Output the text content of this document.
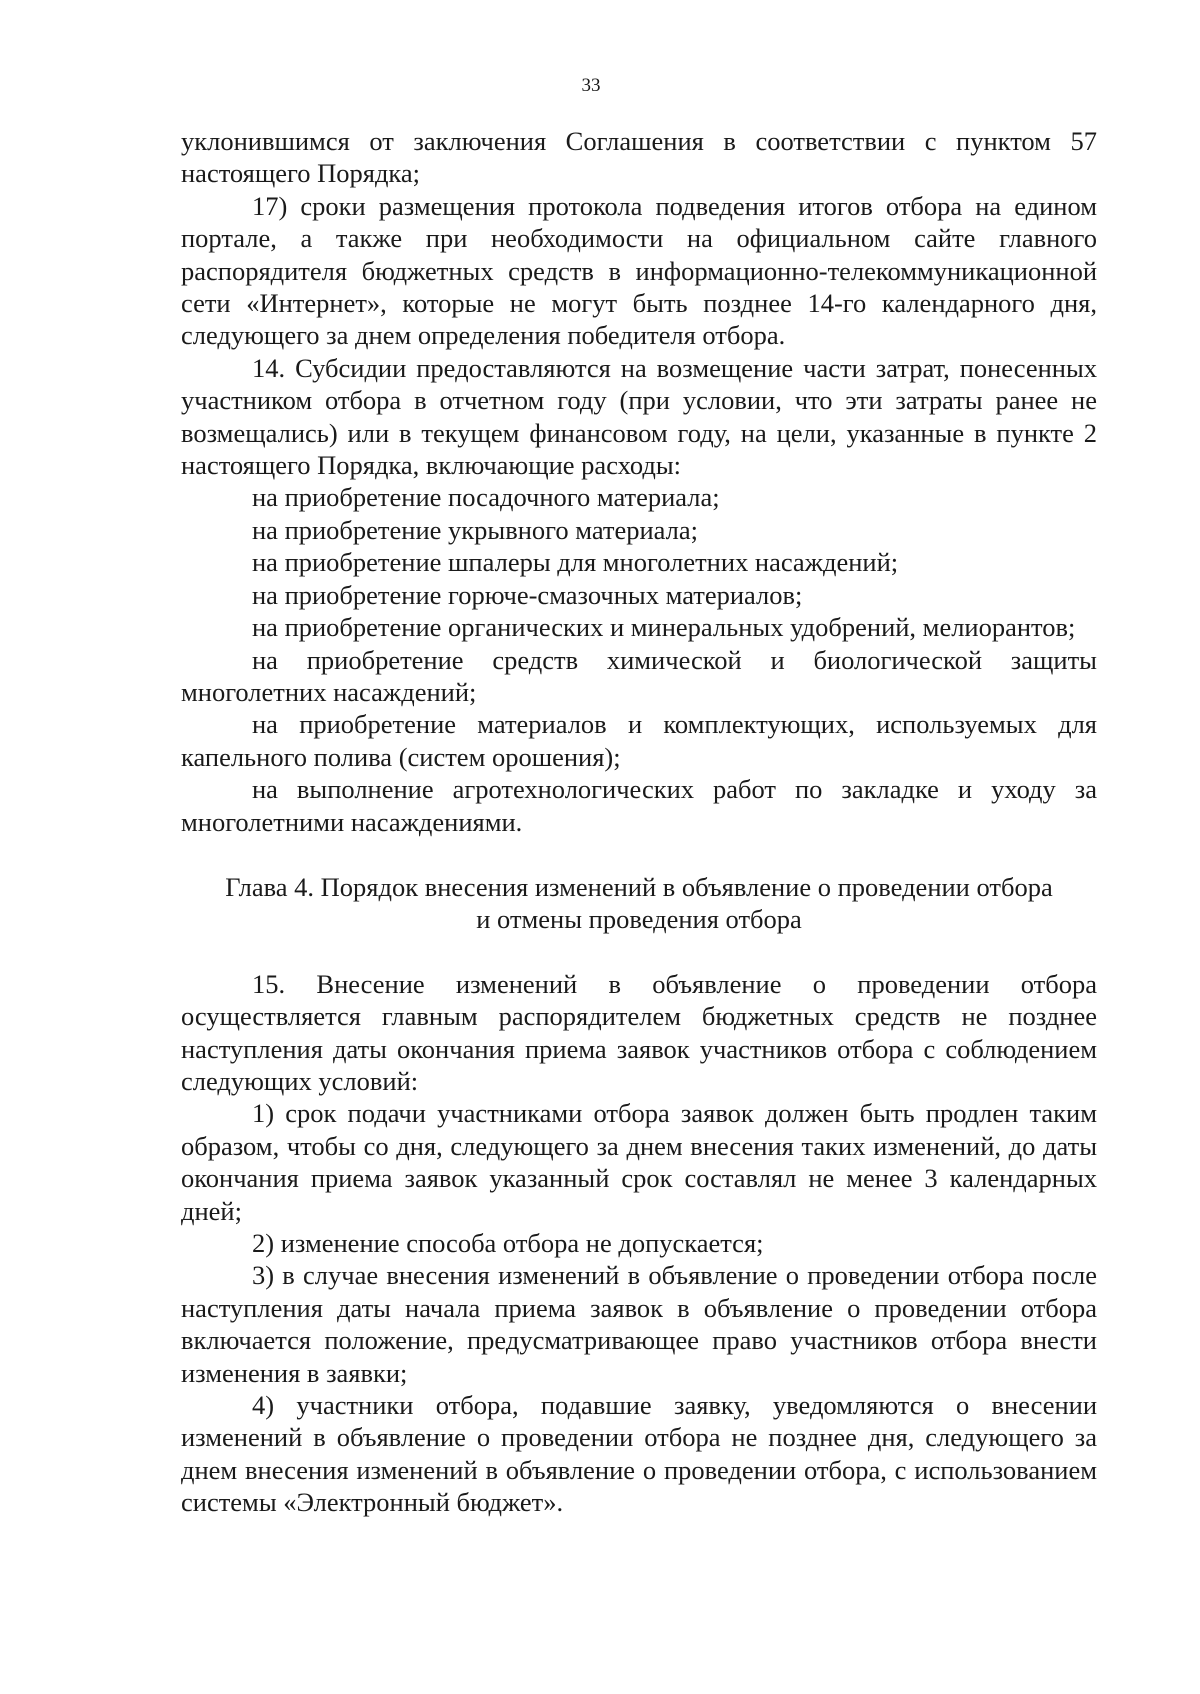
33

уклонившимся от заключения Соглашения в соответствии с пунктом 57 настоящего Порядка;

17) сроки размещения протокола подведения итогов отбора на едином портале, а также при необходимости на официальном сайте главного распорядителя бюджетных средств в информационно-телекоммуникационной сети «Интернет», которые не могут быть позднее 14-го календарного дня, следующего за днем определения победителя отбора.

14. Субсидии предоставляются на возмещение части затрат, понесенных участником отбора в отчетном году (при условии, что эти затраты ранее не возмещались) или в текущем финансовом году, на цели, указанные в пункте 2 настоящего Порядка, включающие расходы:

на приобретение посадочного материала;

на приобретение укрывного материала;

на приобретение шпалеры для многолетних насаждений;

на приобретение горюче-смазочных материалов;

на приобретение органических и минеральных удобрений, мелиорантов;

на приобретение средств химической и биологической защиты многолетних насаждений;

на приобретение материалов и комплектующих, используемых для капельного полива (систем орошения);

на выполнение агротехнологических работ по закладке и уходу за многолетними насаждениями.

Глава 4. Порядок внесения изменений в объявление о проведении отбора
и отмены проведения отбора

15. Внесение изменений в объявление о проведении отбора осуществляется главным распорядителем бюджетных средств не позднее наступления даты окончания приема заявок участников отбора с соблюдением следующих условий:

1) срок подачи участниками отбора заявок должен быть продлен таким образом, чтобы со дня, следующего за днем внесения таких изменений, до даты окончания приема заявок указанный срок составлял не менее 3 календарных дней;

2) изменение способа отбора не допускается;

3) в случае внесения изменений в объявление о проведении отбора после наступления даты начала приема заявок в объявление о проведении отбора включается положение, предусматривающее право участников отбора внести изменения в заявки;

4) участники отбора, подавшие заявку, уведомляются о внесении изменений в объявление о проведении отбора не позднее дня, следующего за днем внесения изменений в объявление о проведении отбора, с использованием системы «Электронный бюджет».
